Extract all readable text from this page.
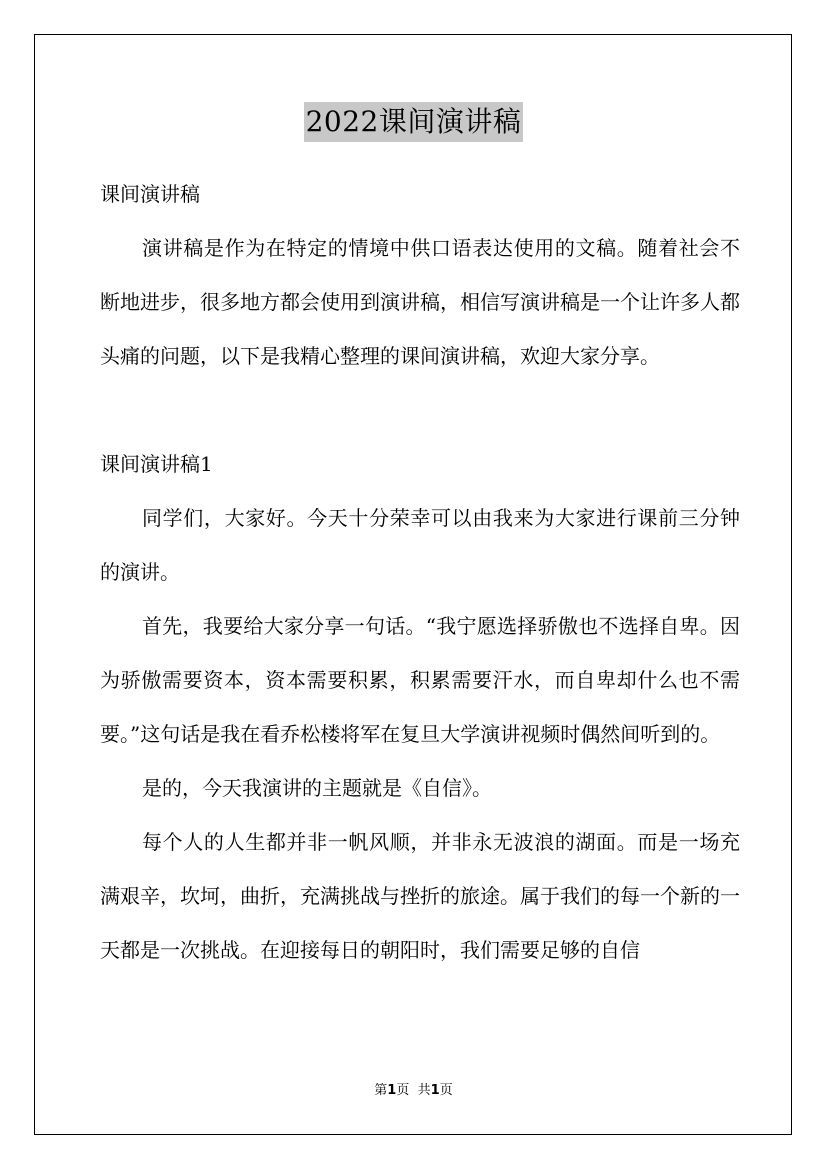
2022课间演讲稿

课间演讲稿

演讲稿是作为在特定的情境中供口语表达使用的文稿。随着社会不断地进步，很多地方都会使用到演讲稿，相信写演讲稿是一个让许多人都头痛的问题，以下是我精心整理的课间演讲稿，欢迎大家分享。

课间演讲稿1

同学们，大家好。今天十分荣幸可以由我来为大家进行课前三分钟的演讲。

首先，我要给大家分享一句话。“我宁愿选择骄傲也不选择自卑。因为骄傲需要资本，资本需要积累，积累需要汗水，而自卑却什么也不需要。”这句话是我在看乔松楼将军在复旦大学演讲视频时偶然间听到的。

是的，今天我演讲的主题就是《自信》。

每个人的人生都并非一帆风顺，并非永无波浪的湖面。而是一场充满艰辛，坎坷，曲折，充满挑战与挫折的旅途。属于我们的每一个新的一天都是一次挑战。在迎接每日的朝阳时，我们需要足够的自信

第1页 共1页
